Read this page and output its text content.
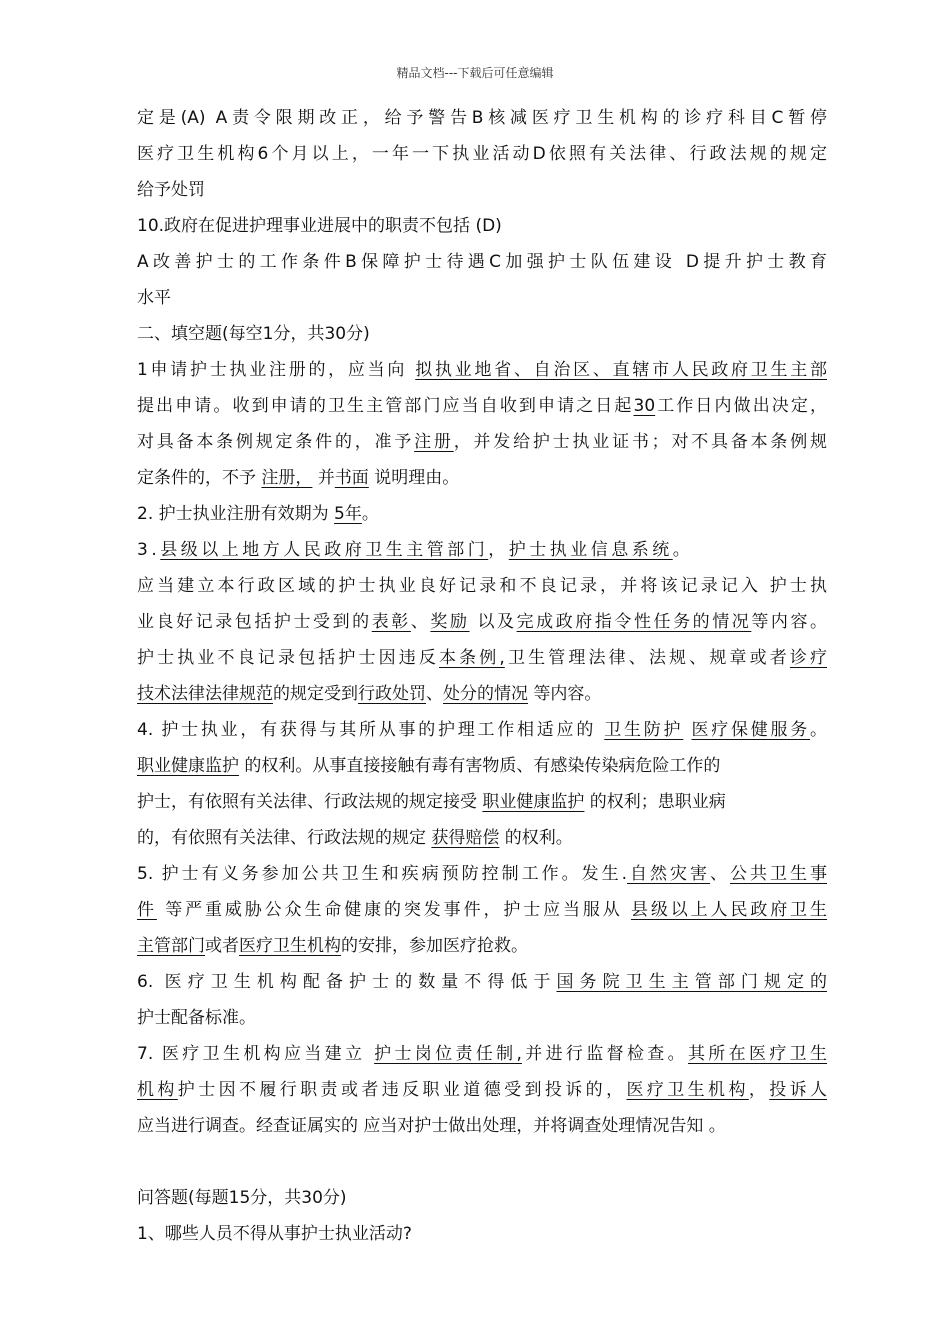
精品文档---下载后可任意编辑
定是(A) A责令限期改正，给予警告B核减医疗卫生机构的诊疗科目C暂停
医疗卫生机构6个月以上，一年一下执业活动D依照有关法律、行政法规的规定
给予处罚
10.政府在促进护理事业进展中的职责不包括 (D)
A改善护士的工作条件B保障护士待遇C加强护士队伍建设 D提升护士教育
水平
二、填空题(每空1分，共30分)
1申请护士执业注册的，应当向 拟执业地省、自治区、直辖市人民政府卫生主部
提出申请。收到申请的卫生主管部门应当自收到申请之日起30工作日内做出决定，
对具备本条例规定条件的，准予注册，并发给护士执业证书；对不具备本条例规
定条件的，不予 注册， 并书面 说明理由。
2. 护士执业注册有效期为 5年。
3.县级以上地方人民政府卫生主管部门，护士执业信息系统。
应当建立本行政区域的护士执业良好记录和不良记录，并将该记录记入 护士执
业良好记录包括护士受到的表彰、奖励 以及完成政府指令性任务的情况等内容。
护士执业不良记录包括护士因违反本条例,卫生管理法律、法规、规章或者诊疗
技术法律法律规范的规定受到行政处罚、处分的情况 等内容。
4. 护士执业，有获得与其所从事的护理工作相适应的 卫生防护 医疗保健服务。
职业健康监护 的权利。从事直接接触有毒有害物质、有感染传染病危险工作的
护士，有依照有关法律、行政法规的规定接受 职业健康监护 的权利；患职业病
的，有依照有关法律、行政法规的规定 获得赔偿 的权利。
5. 护士有义务参加公共卫生和疾病预防控制工作。发生.自然灾害、公共卫生事
件 等严重威胁公众生命健康的突发事件，护士应当服从 县级以上人民政府卫生
主管部门或者医疗卫生机构的安排，参加医疗抢救。
6. 医疗卫生机构配备护士的数量不得低于国务院卫生主管部门规定的
护士配备标准。
7. 医疗卫生机构应当建立 护士岗位责任制,并进行监督检查。其所在医疗卫生
机构护士因不履行职责或者违反职业道德受到投诉的，医疗卫生机构，投诉人
应当进行调查。经查证属实的 应当对护士做出处理，并将调查处理情况告知 。
问答题(每题15分，共30分)
1、哪些人员不得从事护士执业活动?
